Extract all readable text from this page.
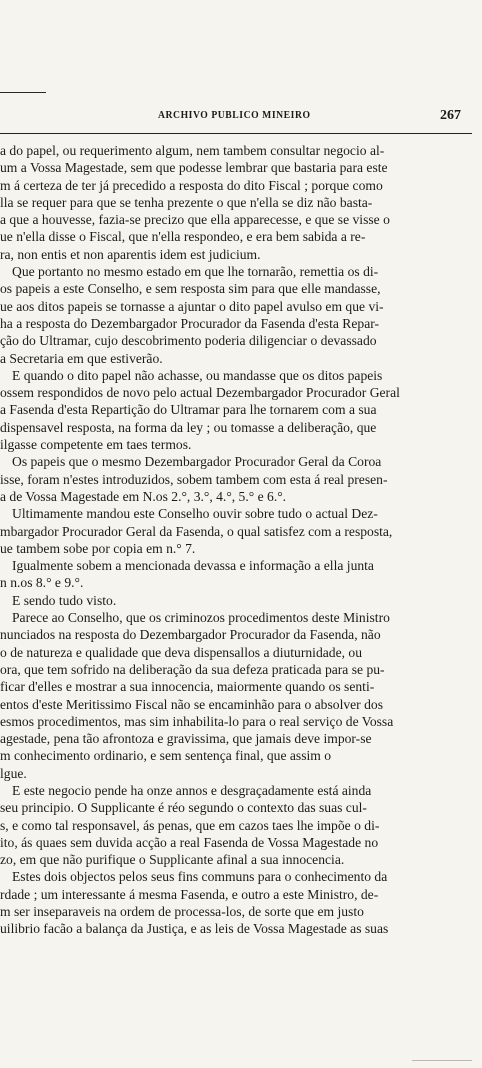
ARCHIVO PUBLICO MINEIRO	267
a do papel, ou requerimento algum, nem tambem consultar negocio al-
um a Vossa Magestade, sem que podesse lembrar que bastaria para este
m á certeza de ter já precedido a resposta do dito Fiscal ; porque como
lla se requer para que se tenha prezente o que n'ella se diz não basta-
a que a houvesse, fazia-se precizo que ella apparecesse, e que se visse o
ue n'ella disse o Fiscal, que n'ella respondeo, e era bem sabida a re-
ra, non entis et non aparentis idem est judicium.
Que portanto no mesmo estado em que lhe tornarão, remettia os di-
os papeis a este Conselho, e sem resposta sim para que elle mandasse,
ue aos ditos papeis se tornasse a ajuntar o dito papel avulso em que vi-
ha a resposta do Dezembargador Procurador da Fasenda d'esta Repar-
ção do Ultramar, cujo descobrimento poderia diligenciar o devassado
a Secretaria em que estiverão.
E quando o dito papel não achasse, ou mandasse que os ditos papeis
ossem respondidos de novo pelo actual Dezembargador Procurador Geral
a Fasenda d'esta Repartição do Ultramar para lhe tornarem com a sua
dispensavel resposta, na forma da ley ; ou tomasse a deliberação, que
ilgasse competente em taes termos.
Os papeis que o mesmo Dezembargador Procurador Geral da Coroa
isse, foram n'estes introduzidos, sobem tambem com esta á real presen-
a de Vossa Magestade em N.os 2.°, 3.°, 4.°, 5.° e 6.°.
Ultimamente mandou este Conselho ouvir sobre tudo o actual Dez-
mbargador Procurador Geral da Fasenda, o qual satisfez com a resposta,
ue tambem sobe por copia em n.° 7.
Igualmente sobem a mencionada devassa e informação a ella junta
n n.os 8.° e 9.°.
E sendo tudo visto.
Parece ao Conselho, que os criminozos procedimentos deste Ministro
nunciados na resposta do Dezembargador Procurador da Fasenda, não
o de natureza e qualidade que deva dispensallos a diuturnidade, ou
ora, que tem sofrido na deliberação da sua defeza praticada para se pu-
ficar d'elles e mostrar a sua innocencia, maiormente quando os senti-
entos d'este Meritissimo Fiscal não se encaminhão para o absolver dos
esmos procedimentos, mas sim inhabilita-lo para o real serviço de Vossa
agestade, pena tão afrontoza e gravissima, que jamais deve impor-se
m conhecimento ordinario, e sem sentença final, que assim o
lgue.
E este negocio pende ha onze annos e desgraçadamente está ainda
seu principio. O Supplicante é réo segundo o contexto das suas cul-
s, e como tal responsavel, ás penas, que em cazos taes lhe impõe o di-
ito, ás quaes sem duvida acção a real Fasenda de Vossa Magestade no
zo, em que não purifique o Supplicante afinal a sua innocencia.
Estes dois objectos pelos seus fins communs para o conhecimento da
rdade ; um interessante á mesma Fasenda, e outro a este Ministro, de-
m ser inseparaveis na ordem de processa-los, de sorte que em justo
uilibrio facão a balança da Justiça, e as leis de Vossa Magestade as suas
